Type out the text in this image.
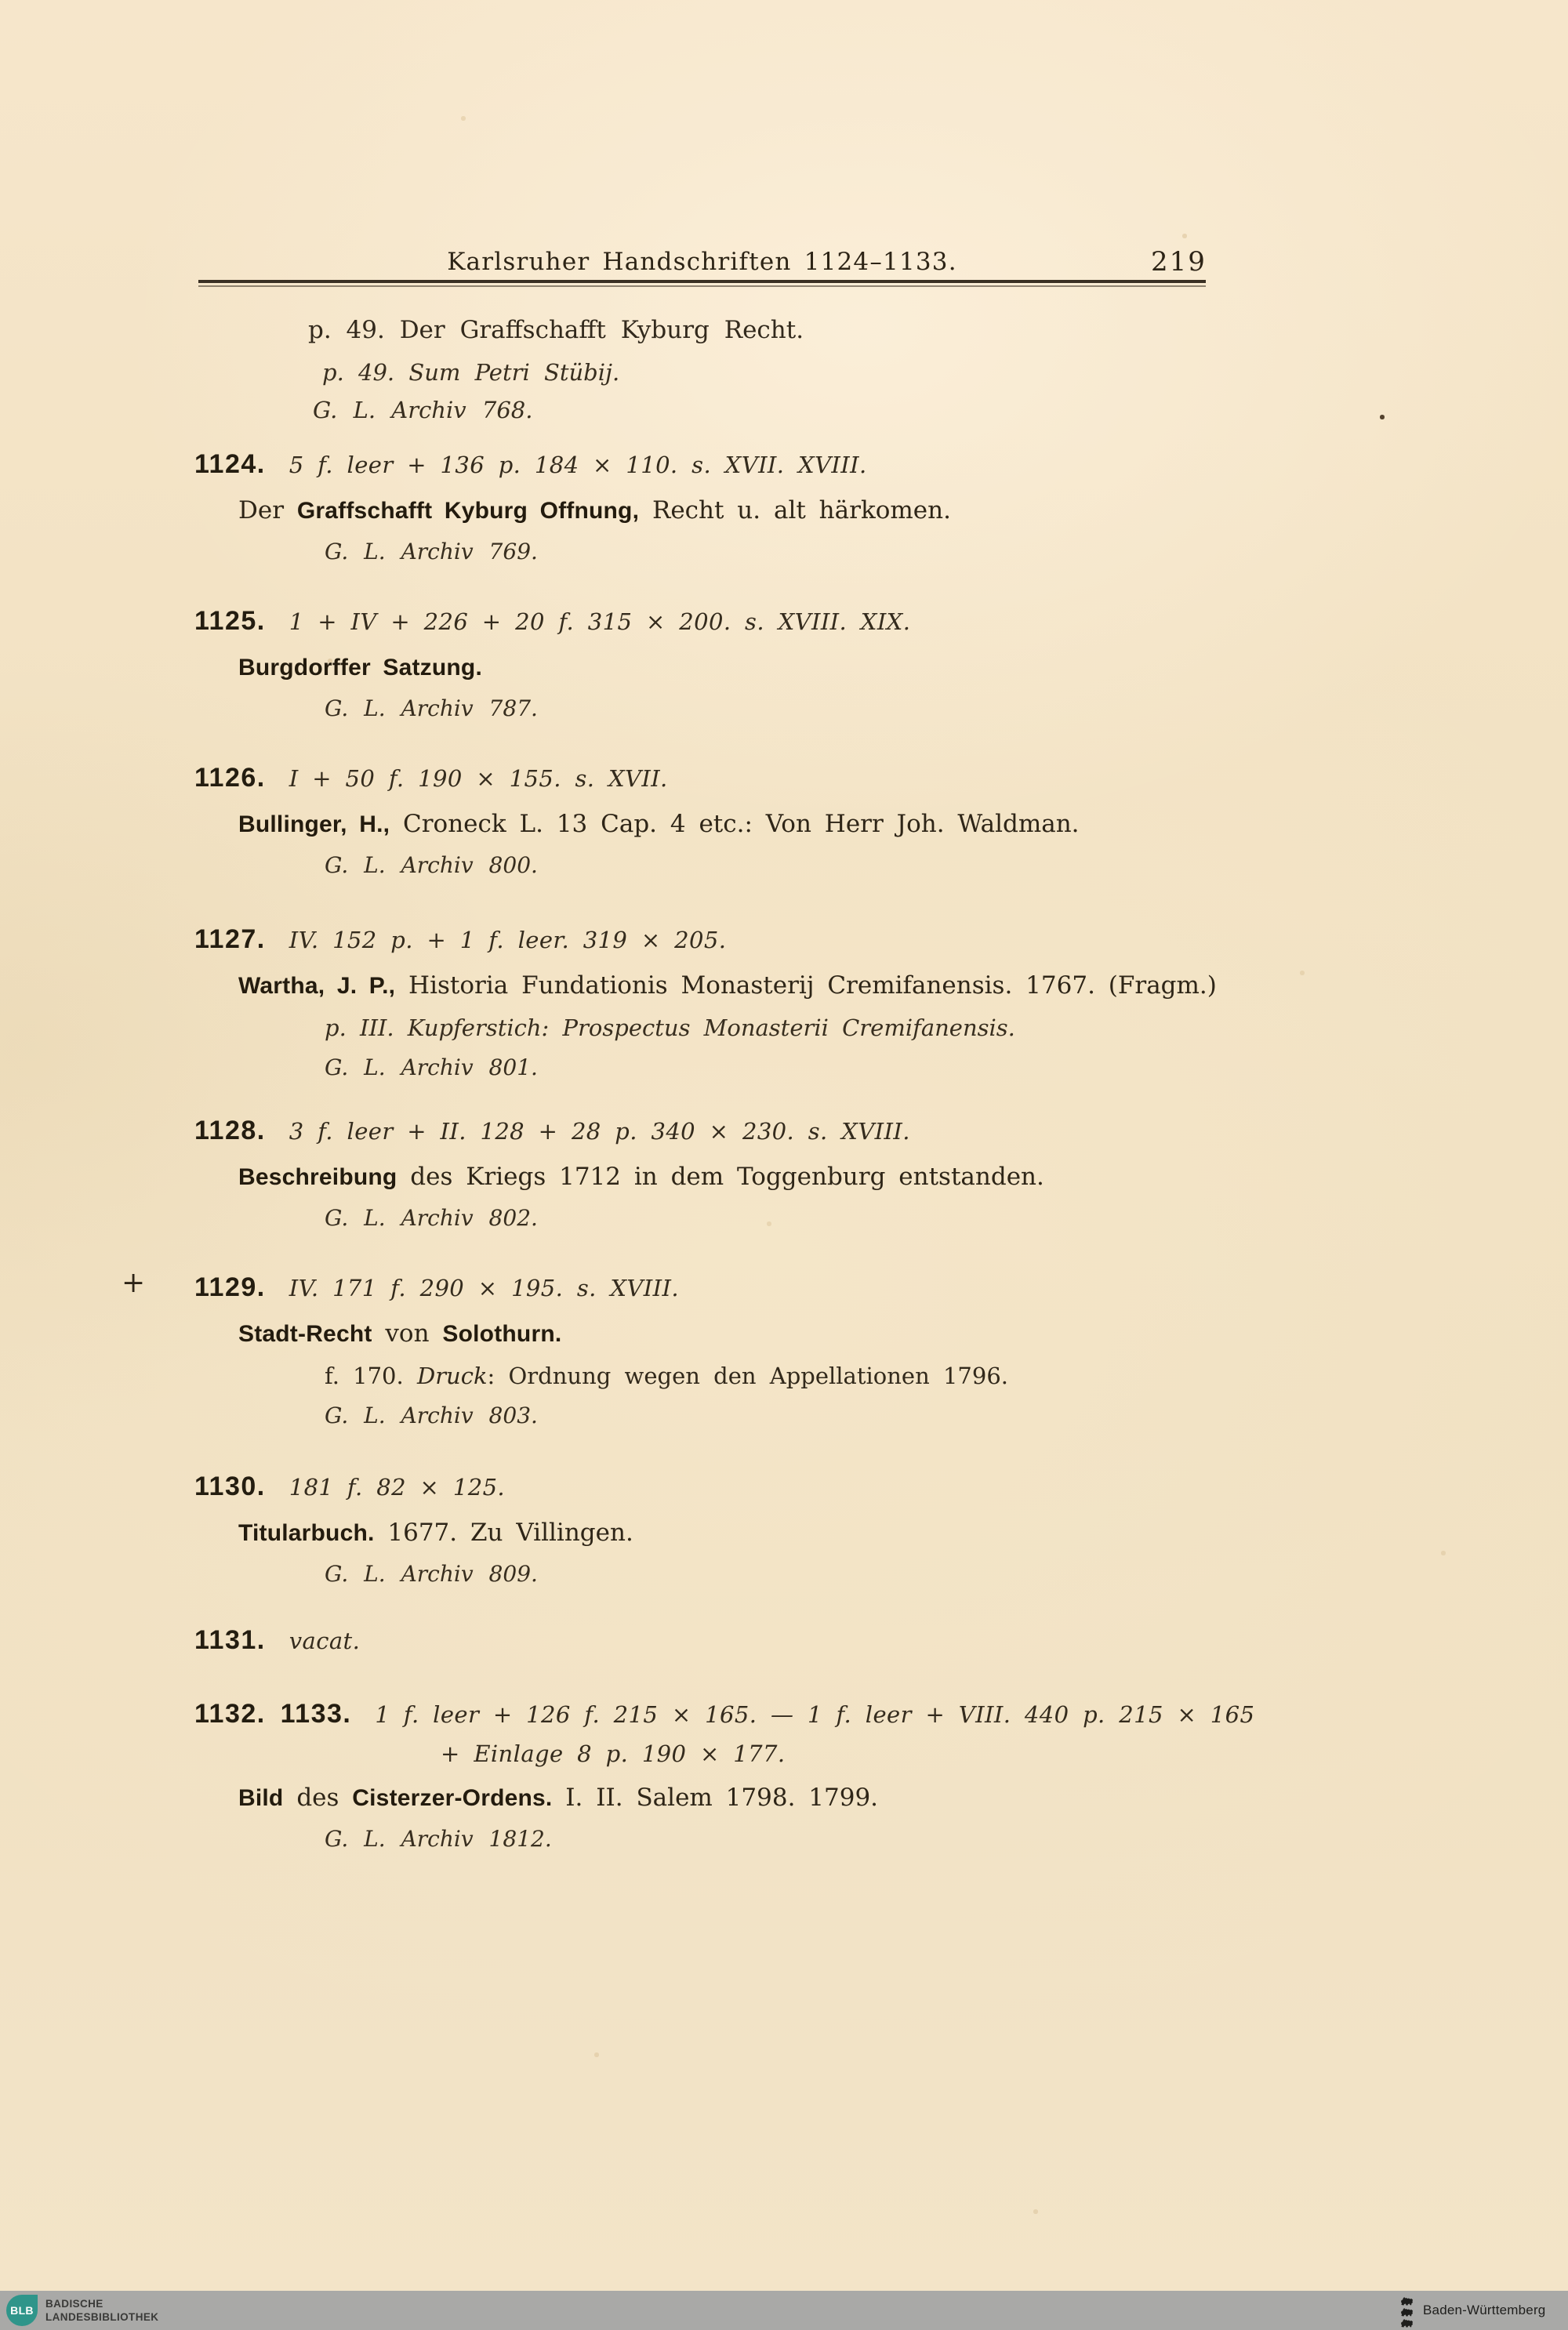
Karlsruher Handschriften 1124–1133.	219
p. 49. Der Graffschafft Kyburg Recht.
p. 49. Sum Petri Stübij.
G. L. Archiv 768.
+
1124. 5 f. leer + 136 p. 184 × 110. s. XVII. XVIII.

Der Graffschafft Kyburg Offnung, Recht u. alt härkomen.

G. L. Archiv 769.

1125. 1 + IV + 226 + 20 f. 315 × 200. s. XVIII. XIX.

Burgdorffer Satzung.

G. L. Archiv 787.

1126. I + 50 f. 190 × 155. s. XVII.

Bullinger, H., Croneck L. 13 Cap. 4 etc.: Von Herr Joh. Waldman.

G. L. Archiv 800.

1127. IV. 152 p. + 1 f. leer. 319 × 205.

Wartha, J. P., Historia Fundationis Monasterij Cremifanensis. 1767. (Fragm.)

p. III. Kupferstich: Prospectus Monasterii Cremifanensis.

G. L. Archiv 801.

1128. 3 f. leer + II. 128 + 28 p. 340 × 230. s. XVIII.

Beschreibung des Kriegs 1712 in dem Toggenburg entstanden.

G. L. Archiv 802.

1129. IV. 171 f. 290 × 195. s. XVIII.

Stadt-Recht von Solothurn.

f. 170. Druck: Ordnung wegen den Appellationen 1796.

G. L. Archiv 803.

1130. 181 f. 82 × 125.

Titularbuch. 1677. Zu Villingen.

G. L. Archiv 809.

1131. vacat.
1132. 1133. 1 f. leer + 126 f. 215 × 165. — 1 f. leer + VIII. 440 p. 215 × 165
+ Einlage 8 p. 190 × 177.

Bild des Cisterzer-Ordens. I. II. Salem 1798. 1799.

G. L. Archiv 1812.

BLB
BADISCHE
LANDESBIBLIOTHEK	Baden-Württemberg
